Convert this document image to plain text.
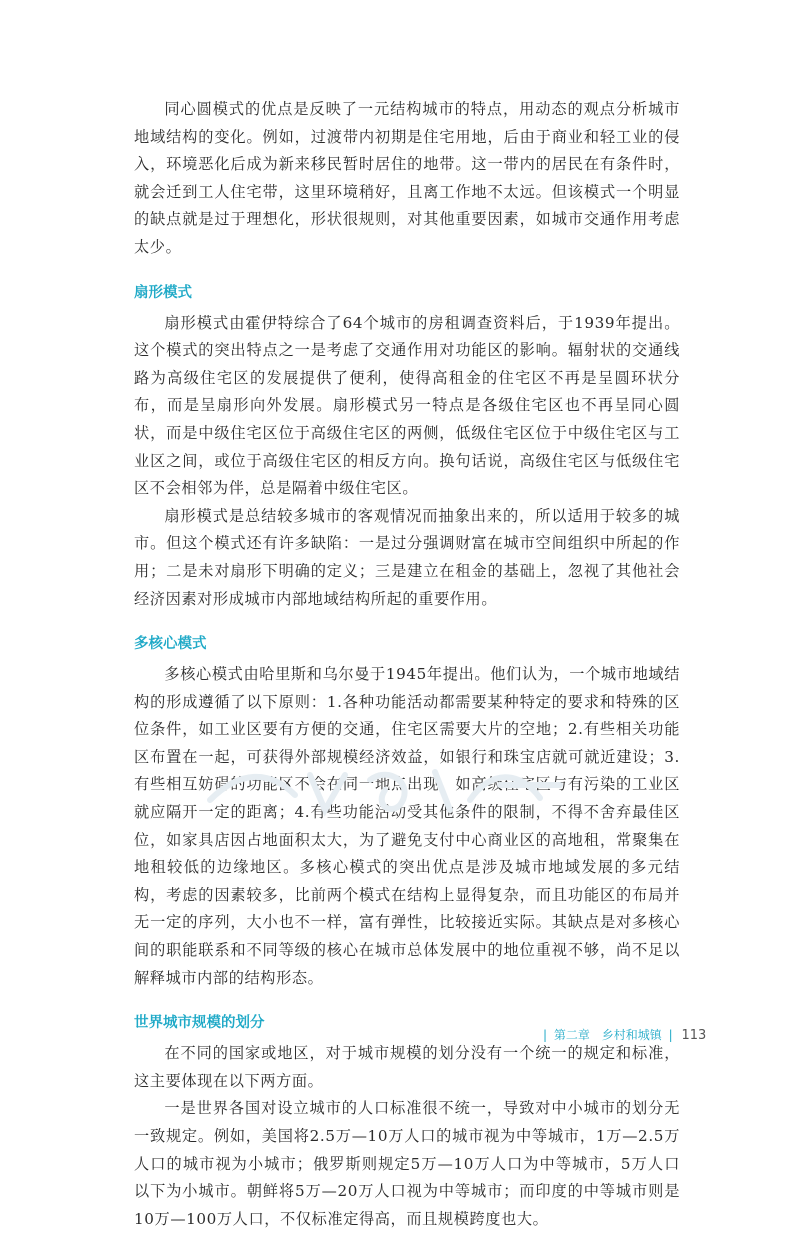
同心圆模式的优点是反映了一元结构城市的特点，用动态的观点分析城市地域结构的变化。例如，过渡带内初期是住宅用地，后由于商业和轻工业的侵入，环境恶化后成为新来移民暂时居住的地带。这一带内的居民在有条件时，就会迁到工人住宅带，这里环境稍好，且离工作地不太远。但该模式一个明显的缺点就是过于理想化，形状很规则，对其他重要因素，如城市交通作用考虑太少。

扇形模式

扇形模式由霍伊特综合了64个城市的房租调查资料后，于1939年提出。这个模式的突出特点之一是考虑了交通作用对功能区的影响。辐射状的交通线路为高级住宅区的发展提供了便利，使得高租金的住宅区不再是呈圆环状分布，而是呈扇形向外发展。扇形模式另一特点是各级住宅区也不再呈同心圆状，而是中级住宅区位于高级住宅区的两侧，低级住宅区位于中级住宅区与工业区之间，或位于高级住宅区的相反方向。换句话说，高级住宅区与低级住宅区不会相邻为伴，总是隔着中级住宅区。

扇形模式是总结较多城市的客观情况而抽象出来的，所以适用于较多的城市。但这个模式还有许多缺陷：一是过分强调财富在城市空间组织中所起的作用；二是未对扇形下明确的定义；三是建立在租金的基础上，忽视了其他社会经济因素对形成城市内部地域结构所起的重要作用。

多核心模式

多核心模式由哈里斯和乌尔曼于1945年提出。他们认为，一个城市地域结构的形成遵循了以下原则：1.各种功能活动都需要某种特定的要求和特殊的区位条件，如工业区要有方便的交通，住宅区需要大片的空地；2.有些相关功能区布置在一起，可获得外部规模经济效益，如银行和珠宝店就可就近建设；3.有些相互妨碍的功能区不会在同一地点出现，如高级住宅区与有污染的工业区就应隔开一定的距离；4.有些功能活动受其他条件的限制，不得不舍弃最佳区位，如家具店因占地面积太大，为了避免支付中心商业区的高地租，常聚集在地租较低的边缘地区。多核心模式的突出优点是涉及城市地域发展的多元结构，考虑的因素较多，比前两个模式在结构上显得复杂，而且功能区的布局并无一定的序列，大小也不一样，富有弹性，比较接近实际。其缺点是对多核心间的职能联系和不同等级的核心在城市总体发展中的地位重视不够，尚不足以解释城市内部的结构形态。

世界城市规模的划分

在不同的国家或地区，对于城市规模的划分没有一个统一的规定和标准，这主要体现在以下两方面。

一是世界各国对设立城市的人口标准很不统一，导致对中小城市的划分无一致规定。例如，美国将2.5万—10万人口的城市视为中等城市，1万—2.5万人口的城市视为小城市；俄罗斯则规定5万—10万人口为中等城市，5万人口以下为小城市。朝鲜将5万—20万人口视为中等城市；而印度的中等城市则是10万—100万人口，不仅标准定得高，而且规模跨度也大。

| 第二章 乡村和城镇 | 113
